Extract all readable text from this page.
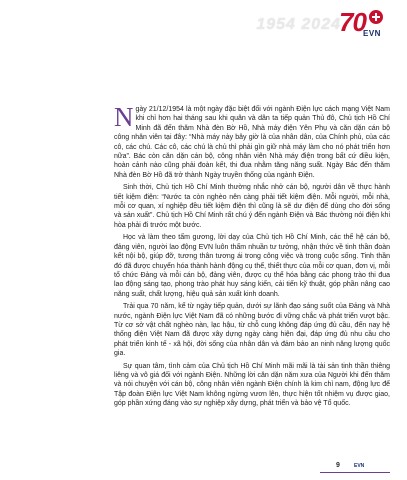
1954 2024
70
EVN

Ngày 21/12/1954 là một ngày đặc biệt đối với ngành Điện lực cách mạng Việt Nam khi chỉ hơn hai tháng sau khi quân và dân ta tiếp quản Thủ đô, Chủ tịch Hồ Chí Minh đã đến thăm Nhà đèn Bờ Hồ, Nhà máy điện Yên Phụ và căn dặn cán bộ công nhân viên tại đây: “Nhà máy này bây giờ là của nhân dân, của Chính phủ, của các cô, các chú. Các cô, các chú là chủ thì phải gìn giữ nhà máy làm cho nó phát triển hơn nữa”. Bác còn căn dặn cán bộ, công nhân viên Nhà máy điện trong bất cứ điều kiện, hoàn cảnh nào cũng phải đoàn kết, thi đua nhằm tăng năng suất. Ngày Bác đến thăm Nhà đèn Bờ Hồ đã trở thành Ngày truyền thống của ngành Điện.

Sinh thời, Chủ tịch Hồ Chí Minh thường nhắc nhở cán bộ, người dân về thực hành tiết kiệm điện: “Nước ta còn nghèo nên càng phải tiết kiệm điện. Mỗi người, mỗi nhà, mỗi cơ quan, xí nghiệp đều tiết kiệm điện thì cũng là sẽ dư điện để dùng cho đời sống và sản xuất”. Chủ tịch Hồ Chí Minh rất chú ý đến ngành Điện và Bác thường nói điện khi hòa phải đi trước một bước.

Học và làm theo tấm gương, lời dạy của Chủ tịch Hồ Chí Minh, các thế hệ cán bộ, đảng viên, người lao động EVN luôn thấm nhuần tư tưởng, nhận thức về tinh thần đoàn kết nội bộ, giúp đỡ, tương thân tương ái trong công việc và trong cuộc sống. Tinh thần đó đã được chuyển hóa thành hành động cụ thể, thiết thực của mỗi cơ quan, đơn vị, mỗi tổ chức Đảng và mỗi cán bộ, đảng viên, được cụ thể hóa bằng các phong trào thi đua lao động sáng tạo, phong trào phát huy sáng kiến, cải tiến kỹ thuật, góp phần nâng cao năng suất, chất lượng, hiệu quả sản xuất kinh doanh.

Trải qua 70 năm, kể từ ngày tiếp quản, dưới sự lãnh đạo sáng suốt của Đảng và Nhà nước, ngành Điện lực Việt Nam đã có những bước đi vững chắc và phát triển vượt bậc. Từ cơ sở vật chất nghèo nàn, lạc hậu, từ chỗ cung không đáp ứng đủ cầu, đến nay hệ thống điện Việt Nam đã được xây dựng ngày càng hiện đại, đáp ứng đủ nhu cầu cho phát triển kinh tế - xã hội, đời sống của nhân dân và đảm bảo an ninh năng lượng quốc gia.

Sự quan tâm, tình cảm của Chủ tịch Hồ Chí Minh mãi mãi là tài sản tinh thần thiêng liêng và vô giá đối với ngành Điện. Những lời căn dặn năm xưa của Người khi đến thăm và nói chuyện với cán bộ, công nhân viên ngành Điện chính là kim chỉ nam, động lực để Tập đoàn Điện lực Việt Nam không ngừng vươn lên, thực hiện tốt nhiệm vụ được giao, góp phần xứng đáng vào sự nghiệp xây dựng, phát triển và bảo vệ Tổ quốc.

9	EVN
